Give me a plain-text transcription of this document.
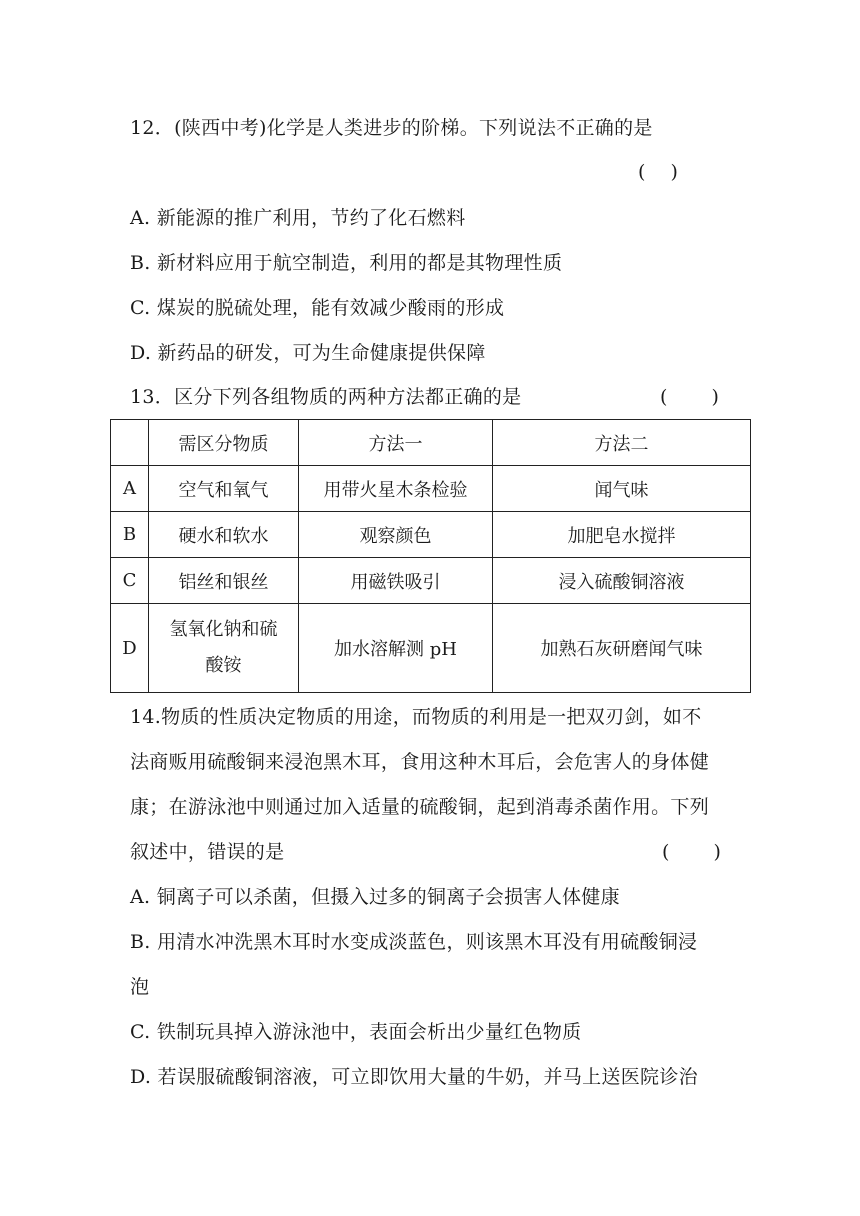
12．(陕西中考)化学是人类进步的阶梯。下列说法不正确的是
(　 )
A. 新能源的推广利用，节约了化石燃料
B. 新材料应用于航空制造，利用的都是其物理性质
C. 煤炭的脱硫处理，能有效减少酸雨的形成
D. 新药品的研发，可为生命健康提供保障
13．区分下列各组物质的两种方法都正确的是	(　　 )
	需区分物质	方法一	方法二
A	空气和氧气	用带火星木条检验	闻气味
B	硬水和软水	观察颜色	加肥皂水搅拌
C	铝丝和银丝	用磁铁吸引	浸入硫酸铜溶液
D	氢氧化钠和硫酸铵	加水溶解测 pH	加熟石灰研磨闻气味
14.物质的性质决定物质的用途，而物质的利用是一把双刃剑，如不
法商贩用硫酸铜来浸泡黑木耳，食用这种木耳后，会危害人的身体健
康；在游泳池中则通过加入适量的硫酸铜，起到消毒杀菌作用。下列
叙述中，错误的是	(　　 )
A. 铜离子可以杀菌，但摄入过多的铜离子会损害人体健康
B. 用清水冲洗黑木耳时水变成淡蓝色，则该黑木耳没有用硫酸铜浸
泡
C. 铁制玩具掉入游泳池中，表面会析出少量红色物质
D. 若误服硫酸铜溶液，可立即饮用大量的牛奶，并马上送医院诊治
